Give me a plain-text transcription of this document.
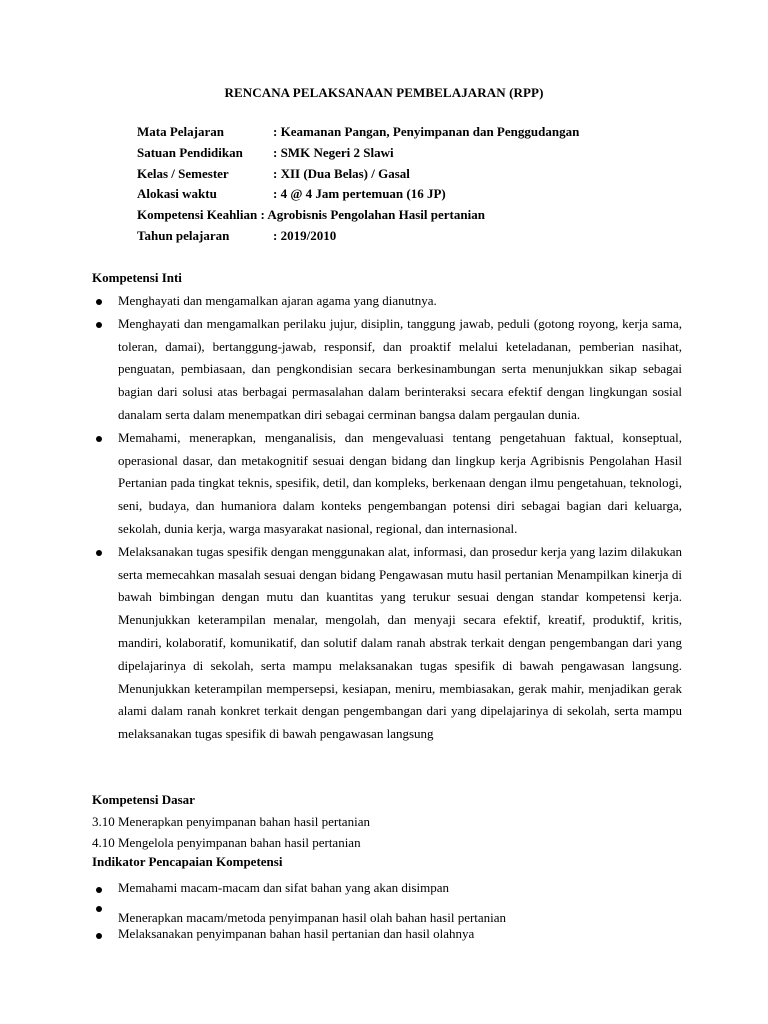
RENCANA PELAKSANAAN PEMBELAJARAN (RPP)
Mata Pelajaran	: Keamanan Pangan, Penyimpanan dan Penggudangan
Satuan Pendidikan : SMK Negeri 2 Slawi
Kelas / Semester	: XII (Dua Belas) / Gasal
Alokasi waktu	: 4 @ 4 Jam pertemuan (16 JP)
Kompetensi Keahlian : Agrobisnis Pengolahan Hasil pertanian
Tahun pelajaran	: 2019/2010
Kompetensi Inti
Menghayati dan mengamalkan ajaran agama yang dianutnya.
Menghayati dan mengamalkan perilaku jujur, disiplin, tanggung jawab, peduli (gotong royong, kerja sama, toleran, damai), bertanggung-jawab, responsif, dan proaktif melalui keteladanan, pemberian nasihat, penguatan, pembiasaan, dan pengkondisian secara berkesinambungan serta menunjukkan sikap sebagai bagian dari solusi atas berbagai permasalahan dalam berinteraksi secara efektif dengan lingkungan sosial danalam serta dalam menempatkan diri sebagai cerminan bangsa dalam pergaulan dunia.
Memahami, menerapkan, menganalisis, dan mengevaluasi tentang pengetahuan faktual, konseptual, operasional dasar, dan metakognitif sesuai dengan bidang dan lingkup kerja Agribisnis Pengolahan Hasil Pertanian pada tingkat teknis, spesifik, detil, dan kompleks, berkenaan dengan ilmu pengetahuan, teknologi, seni, budaya, dan humaniora dalam konteks pengembangan potensi diri sebagai bagian dari keluarga, sekolah, dunia kerja, warga masyarakat nasional, regional, dan internasional.
Melaksanakan tugas spesifik dengan menggunakan alat, informasi, dan prosedur kerja yang lazim dilakukan serta memecahkan masalah sesuai dengan bidang Pengawasan mutu hasil pertanian Menampilkan kinerja di bawah bimbingan dengan mutu dan kuantitas yang terukur sesuai dengan standar kompetensi kerja. Menunjukkan keterampilan menalar, mengolah, dan menyaji secara efektif, kreatif, produktif, kritis, mandiri, kolaboratif, komunikatif, dan solutif dalam ranah abstrak terkait dengan pengembangan dari yang dipelajarinya di sekolah, serta mampu melaksanakan tugas spesifik di bawah pengawasan langsung. Menunjukkan keterampilan mempersepsi, kesiapan, meniru, membiasakan, gerak mahir, menjadikan gerak alami dalam ranah konkret terkait dengan pengembangan dari yang dipelajarinya di sekolah, serta mampu melaksanakan tugas spesifik di bawah pengawasan langsung
Kompetensi Dasar
3.10 Menerapkan penyimpanan bahan hasil pertanian
4.10 Mengelola penyimpanan bahan hasil pertanian
Indikator Pencapaian Kompetensi
Memahami macam-macam dan sifat bahan yang akan disimpan
Menerapkan macam/metoda penyimpanan hasil olah bahan hasil pertanian
Melaksanakan penyimpanan bahan hasil pertanian dan hasil olahnya
